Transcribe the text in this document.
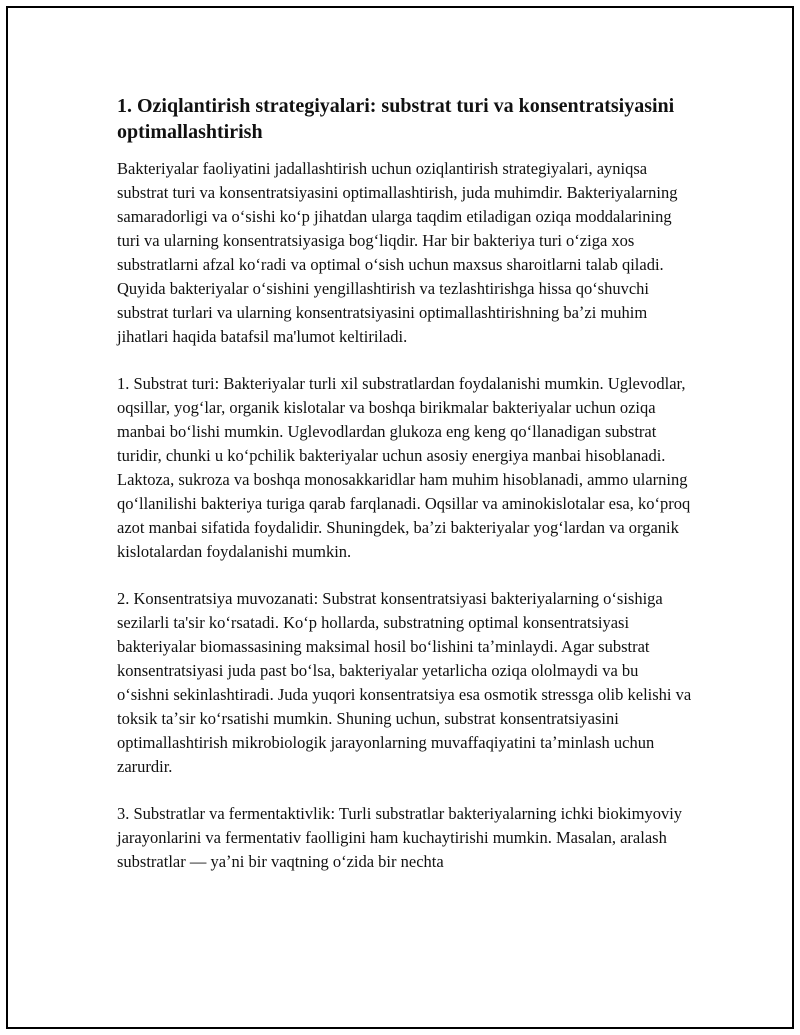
1. Oziqlantirish strategiyalari: substrat turi va konsentratsiyasini optimallashtirish

Bakteriyalar faoliyatini jadallashtirish uchun oziqlantirish strategiyalari, ayniqsa substrat turi va konsentratsiyasini optimallashtirish, juda muhimdir. Bakteriyalarning samaradorligi va oʻsishi koʻp jihatdan ularga taqdim etiladigan oziqa moddalarining turi va ularning konsentratsiyasiga bogʻliqdir. Har bir bakteriya turi oʻziga xos substratlarni afzal koʻradi va optimal oʻsish uchun maxsus sharoitlarni talab qiladi. Quyida bakteriyalar oʻsishini yengillashtirish va tezlashtirishga hissa qoʻshuvchi substrat turlari va ularning konsentratsiyasini optimallashtirishning baʼzi muhim jihatlari haqida batafsil ma'lumot keltiriladi.

1. Substrat turi: Bakteriyalar turli xil substratlardan foydalanishi mumkin. Uglevodlar, oqsillar, yogʻlar, organik kislotalar va boshqa birikmalar bakteriyalar uchun oziqa manbai boʻlishi mumkin. Uglevodlardan glukoza eng keng qoʻllanadigan substrat turidir, chunki u koʻpchilik bakteriyalar uchun asosiy energiya manbai hisoblanadi. Laktoza, sukroza va boshqa monosakkaridlar ham muhim hisoblanadi, ammo ularning qoʻllanilishi bakteriya turiga qarab farqlanadi. Oqsillar va aminokislotalar esa, koʻproq azot manbai sifatida foydalidir. Shuningdek, baʼzi bakteriyalar yogʻlardan va organik kislotalardan foydalanishi mumkin.

2. Konsentratsiya muvozanati: Substrat konsentratsiyasi bakteriyalarning oʻsishiga sezilarli ta'sir koʻrsatadi. Koʻp hollarda, substratning optimal konsentratsiyasi bakteriyalar biomassasining maksimal hosil boʻlishini taʼminlaydi. Agar substrat konsentratsiyasi juda past boʻlsa, bakteriyalar yetarlicha oziqa ololmaydi va bu oʻsishni sekinlashtiradi. Juda yuqori konsentratsiya esa osmotik stressga olib kelishi va toksik taʼsir koʻrsatishi mumkin. Shuning uchun, substrat konsentratsiyasini optimallashtirish mikrobiologik jarayonlarning muvaffaqiyatini taʼminlash uchun zarurdir.

3. Substratlar va fermentaktivlik: Turli substratlar bakteriyalarning ichki biokimyoviy jarayonlarini va fermentativ faolligini ham kuchaytirishi mumkin. Masalan, aralash substratlar — yaʼni bir vaqtning oʻzida bir nechta
